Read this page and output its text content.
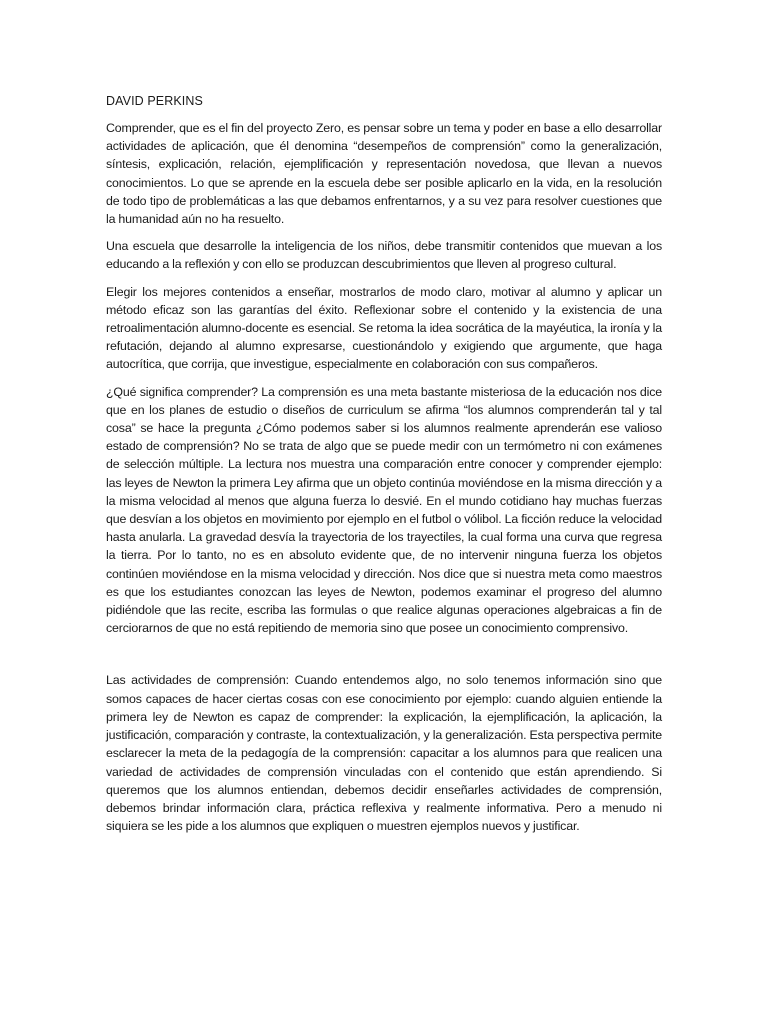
DAVID PERKINS

Comprender, que es el fin del proyecto Zero, es pensar sobre un tema y poder en base a ello desarrollar actividades de aplicación, que él denomina “desempeños de comprensión” como la generalización, síntesis, explicación, relación, ejemplificación y representación novedosa, que llevan a nuevos conocimientos. Lo que se aprende en la escuela debe ser posible aplicarlo en la vida, en la resolución de todo tipo de problemáticas a las que debamos enfrentarnos, y a su vez para resolver cuestiones que la humanidad aún no ha resuelto.

Una escuela que desarrolle la inteligencia de los niños, debe transmitir contenidos que muevan a los educando a la reflexión y con ello se produzcan descubrimientos que lleven al progreso cultural.

Elegir los mejores contenidos a enseñar, mostrarlos de modo claro, motivar al alumno y aplicar un método eficaz son las garantías del éxito. Reflexionar sobre el contenido y la existencia de una retroalimentación alumno-docente es esencial. Se retoma la idea socrática de la mayéutica, la ironía y la refutación, dejando al alumno expresarse, cuestionándolo y exigiendo que argumente, que haga autocrítica, que corrija, que investigue, especialmente en colaboración con sus compañeros.

¿Qué significa comprender? La comprensión es una meta bastante misteriosa de la educación nos dice que en los planes de estudio o diseños de curriculum se afirma “los alumnos comprenderán tal y tal cosa” se hace la pregunta ¿Cómo podemos saber si los alumnos realmente aprenderán ese valioso estado de comprensión? No se trata de algo que se puede medir con un termómetro ni con exámenes de selección múltiple. La lectura nos muestra una comparación entre conocer y comprender ejemplo: las leyes de Newton la primera Ley afirma que un objeto continúa moviéndose en la misma dirección y a la misma velocidad al menos que alguna fuerza lo desvié. En el mundo cotidiano hay muchas fuerzas que desvían a los objetos en movimiento por ejemplo en el futbol o vólibol. La ficción reduce la velocidad hasta anularla. La gravedad desvía la trayectoria de los trayectiles, la cual forma una curva que regresa la tierra. Por lo tanto, no es en absoluto evidente que, de no intervenir ninguna fuerza los objetos continúen moviéndose en la misma velocidad y dirección. Nos dice que si nuestra meta como maestros es que los estudiantes conozcan las leyes de Newton, podemos examinar el progreso del alumno pidiéndole que las recite, escriba las formulas o que realice algunas operaciones algebraicas a fin de cerciorarnos de que no está repitiendo de memoria sino que posee un conocimiento comprensivo.

Las actividades de comprensión: Cuando entendemos algo, no solo tenemos información sino que somos capaces de hacer ciertas cosas con ese conocimiento por ejemplo: cuando alguien entiende la primera ley de Newton es capaz de comprender: la explicación, la ejemplificación, la aplicación, la justificación, comparación y contraste, la contextualización, y la generalización. Esta perspectiva permite esclarecer la meta de la pedagogía de la comprensión: capacitar a los alumnos para que realicen una variedad de actividades de comprensión vinculadas con el contenido que están aprendiendo. Si queremos que los alumnos entiendan, debemos decidir enseñarles actividades de comprensión, debemos brindar información clara, práctica reflexiva y realmente informativa. Pero a menudo ni siquiera se les pide a los alumnos que expliquen o muestren ejemplos nuevos y justificar.
